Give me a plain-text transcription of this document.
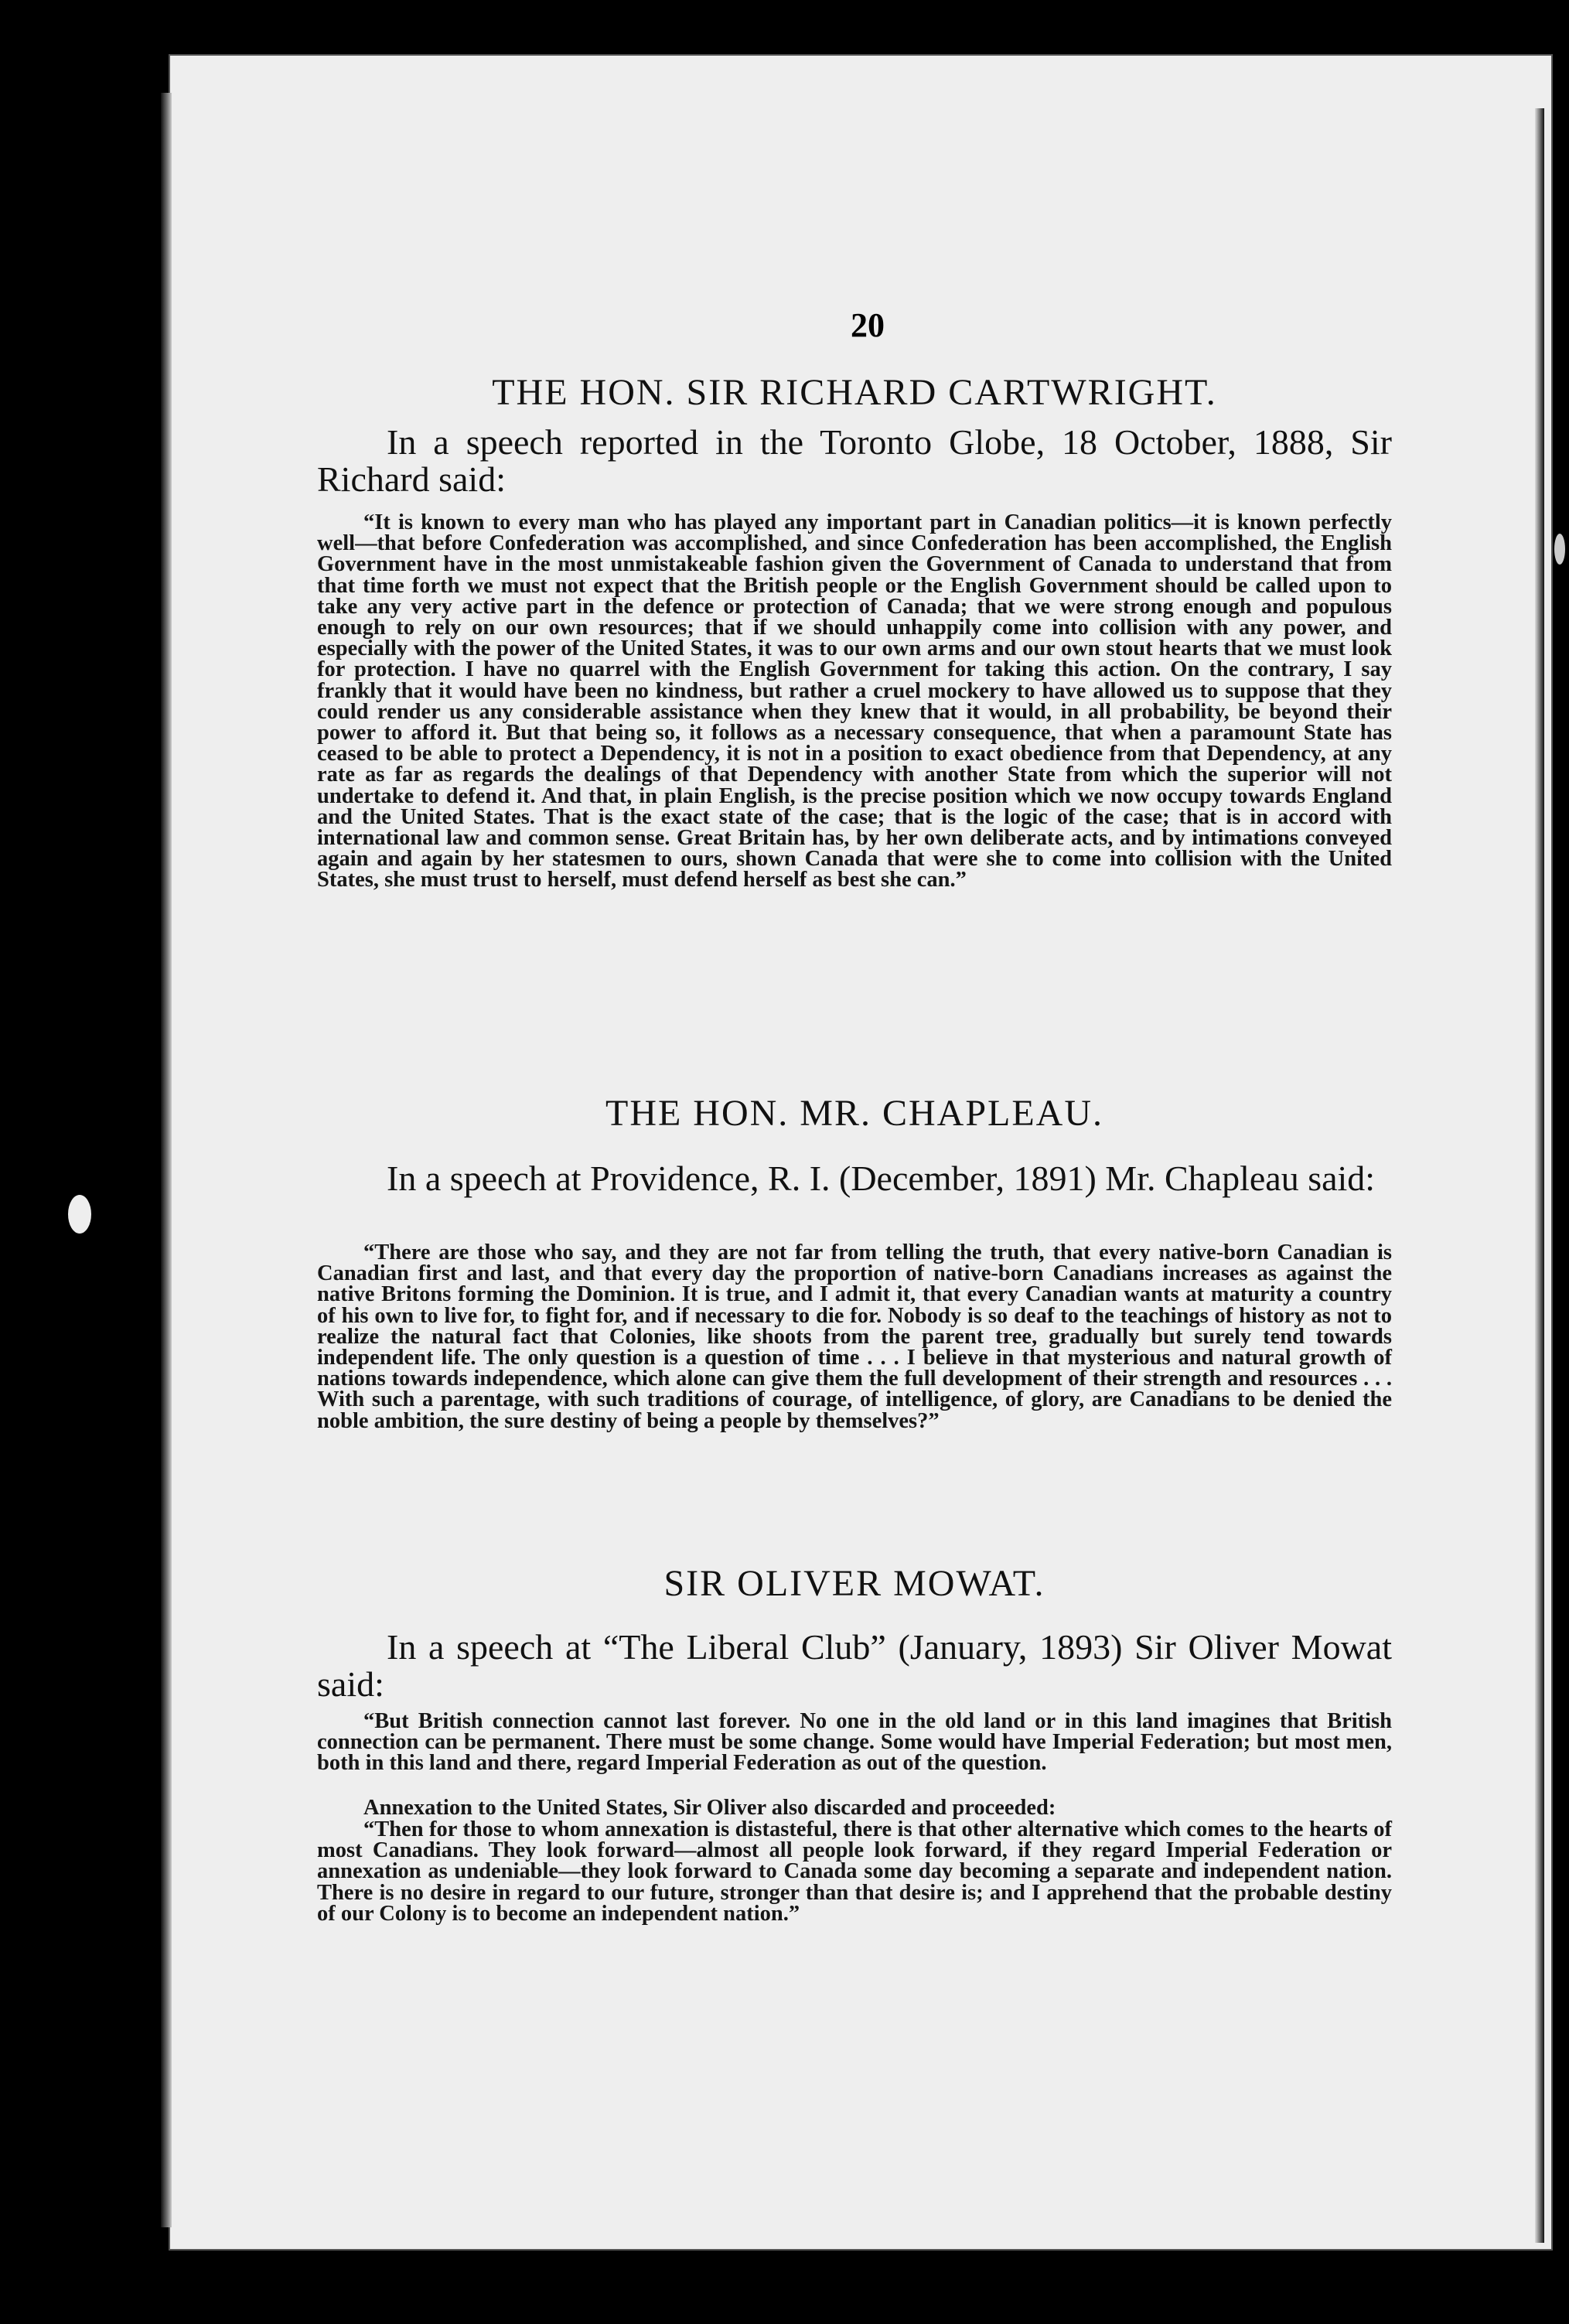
20
THE HON. SIR RICHARD CARTWRIGHT.
In a speech reported in the Toronto Globe, 18 October, 1888, Sir Richard said:
“It is known to every man who has played any important part in Canadian politics—it is known perfectly well—that before Confederation was accomplished, and since Confederation has been accomplished, the English Government have in the most unmistakeable fashion given the Government of Canada to understand that from that time forth we must not expect that the British people or the English Government should be called upon to take any very active part in the defence or protection of Canada; that we were strong enough and populous enough to rely on our own resources; that if we should unhappily come into collision with any power, and especially with the power of the United States, it was to our own arms and our own stout hearts that we must look for protection. I have no quarrel with the English Government for taking this action. On the contrary, I say frankly that it would have been no kindness, but rather a cruel mockery to have allowed us to suppose that they could render us any considerable assistance when they knew that it would, in all probability, be beyond their power to afford it. But that being so, it follows as a necessary consequence, that when a paramount State has ceased to be able to protect a Dependency, it is not in a position to exact obedience from that Dependency, at any rate as far as regards the dealings of that Dependency with another State from which the superior will not undertake to defend it. And that, in plain English, is the precise position which we now occupy towards England and the United States. That is the exact state of the case; that is the logic of the case; that is in accord with international law and common sense. Great Britain has, by her own deliberate acts, and by intimations conveyed again and again by her statesmen to ours, shown Canada that were she to come into collision with the United States, she must trust to herself, must defend herself as best she can.”
THE HON. MR. CHAPLEAU.
In a speech at Providence, R. I. (December, 1891) Mr. Chapleau said:
“There are those who say, and they are not far from telling the truth, that every native-born Canadian is Canadian first and last, and that every day the proportion of native-born Canadians increases as against the native Britons forming the Dominion. It is true, and I admit it, that every Canadian wants at maturity a country of his own to live for, to fight for, and if necessary to die for. Nobody is so deaf to the teachings of history as not to realize the natural fact that Colonies, like shoots from the parent tree, gradually but surely tend towards independent life. The only question is a question of time . . . I believe in that mysterious and natural growth of nations towards independence, which alone can give them the full development of their strength and resources . . . With such a parentage, with such traditions of courage, of intelligence, of glory, are Canadians to be denied the noble ambition, the sure destiny of being a people by themselves?”
SIR OLIVER MOWAT.
In a speech at “The Liberal Club” (January, 1893) Sir Oliver Mowat said:
“But British connection cannot last forever. No one in the old land or in this land imagines that British connection can be permanent. There must be some change. Some would have Imperial Federation; but most men, both in this land and there, regard Imperial Federation as out of the question.
Annexation to the United States, Sir Oliver also discarded and proceeded:
“Then for those to whom annexation is distasteful, there is that other alternative which comes to the hearts of most Canadians. They look forward—almost all people look forward, if they regard Imperial Federation or annexation as undeniable—they look forward to Canada some day becoming a separate and independent nation. There is no desire in regard to our future, stronger than that desire is; and I apprehend that the probable destiny of our Colony is to become an independent nation.”
